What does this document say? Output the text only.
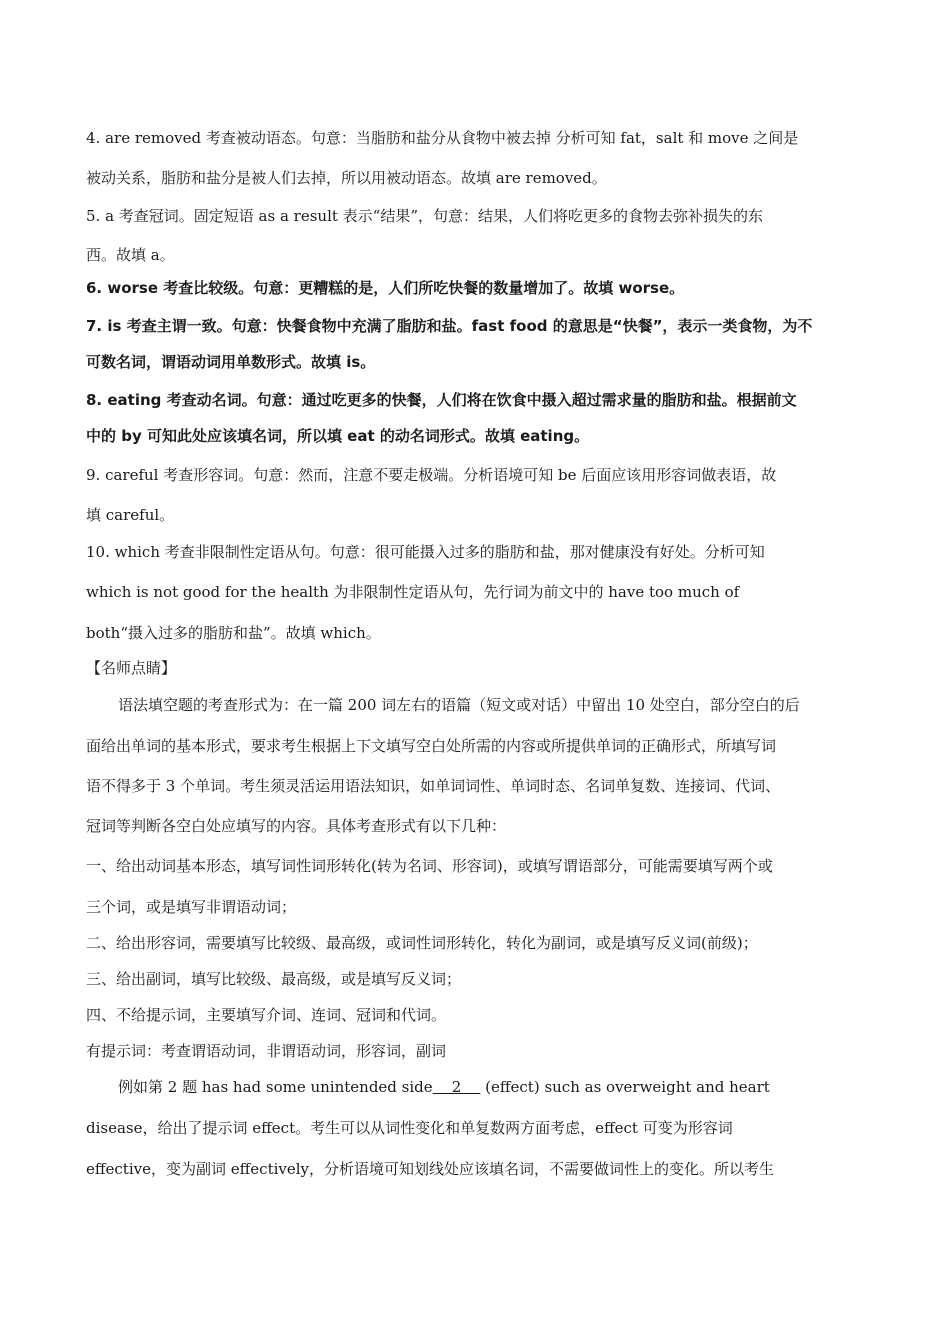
4. are removed 考查被动语态。句意：当脂肪和盐分从食物中被去掉 分析可知 fat，salt 和 move 之间是
被动关系，脂肪和盐分是被人们去掉，所以用被动语态。故填 are removed。
5. a 考查冠词。固定短语 as a result 表示“结果”，句意：结果，人们将吃更多的食物去弥补损失的东
西。故填 a。
6. worse 考查比较级。句意：更糟糕的是，人们所吃快餐的数量增加了。故填 worse。
7. is 考查主谓一致。句意：快餐食物中充满了脂肪和盐。fast food 的意思是“快餐”，表示一类食物，为不
可数名词，谓语动词用单数形式。故填 is。
8. eating 考查动名词。句意：通过吃更多的快餐，人们将在饮食中摄入超过需求量的脂肪和盐。根据前文
中的 by 可知此处应该填名词，所以填 eat 的动名词形式。故填 eating。
9. careful 考查形容词。句意：然而，注意不要走极端。分析语境可知 be 后面应该用形容词做表语，故
填 careful。
10. which 考查非限制性定语从句。句意：很可能摄入过多的脂肪和盐，那对健康没有好处。分析可知
which is not good for the health 为非限制性定语从句，先行词为前文中的 have too much of
both“摄入过多的脂肪和盐”。故填 which。
【名师点睛】
语法填空题的考查形式为：在一篇 200 词左右的语篇（短文或对话）中留出 10 处空白，部分空白的后
面给出单词的基本形式，要求考生根据上下文填写空白处所需的内容或所提供单词的正确形式，所填写词
语不得多于 3 个单词。考生须灵活运用语法知识，如单词词性、单词时态、名词单复数、连接词、代词、
冠词等判断各空白处应填写的内容。具体考查形式有以下几种：
一、给出动词基本形态，填写词性词形转化(转为名词、形容词)，或填写谓语部分，可能需要填写两个或
三个词，或是填写非谓语动词；
二、给出形容词，需要填写比较级、最高级，或词性词形转化，转化为副词，或是填写反义词(前级)；
三、给出副词，填写比较级、最高级，或是填写反义词；
四、不给提示词，主要填写介词、连词、冠词和代词。
有提示词：考查谓语动词，非谓语动词，形容词，副词
例如第 2 题 has had some unintended side    2     (effect) such as overweight and heart
disease，给出了提示词 effect。考生可以从词性变化和单复数两方面考虑，effect 可变为形容词
effective，变为副词 effectively，分析语境可知划线处应该填名词，不需要做词性上的变化。所以考生
